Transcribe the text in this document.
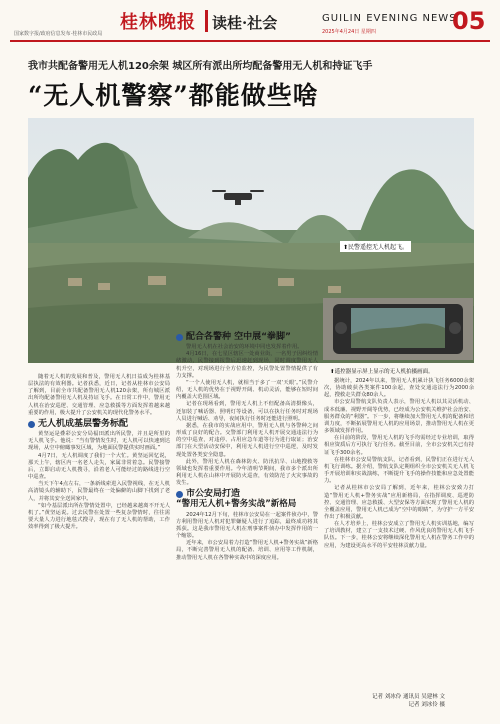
国家数字报/政府信息发布·桂林市民政局
桂林晚报 读桂·社会	GUILIN EVENING NEWS
2025年4月24日 星期四	05
我市共配备警用无人机120余架 城区所有派出所均配备警用无人机和持证飞手
“无人机警察”都能做些啥
⬆民警遥控无人机起飞。
⬆遥控器显示屏上显示的无人机拍摄画面。

随着无人机的发展和普及，警用无人机日益成为桂林基层执法的有效利器。记者获悉，近日，记者从桂林市公安局了解到，目前全市共配备警用无人机120余架，所有城区派出所均配备警用无人机及持证飞手。在日常工作中，警用无人机在治安巡逻、交通管理、应急救援等方面发挥着越来越重要的作用，极大提升了公安机关的现代化警务水平。

无人机成基层警务标配

黄坚运是叠彩公安分局福田派出所民警，并且是所里的无人机飞手。他说：“当有警情发生时，无人机可以快速到达现场，从空中俯瞰事发区域，为地面民警提供实时画面。”

4月7日，无人机调度了我们一个大忙。黄坚运回忆说，那天上午，辖区内一名老人走失，家属非常着急。民警接警后，立即启动无人机搜寻，沿着老人可能经过的路线进行空中巡查。

当天下午4点左右，一条新线索进入民警视线，在无人机高清镜头的辅助下，民警最终在一处偏僻的山脚下找到了老人，并将其安全送回家中。

“如今基层派出所在警情处置中，已经越来越离不开无人机了。”黄坚运说。过去民警在处置一些复杂警情时，往往需要大量人力进行地毯式搜寻，现在有了无人机的帮助，工作效率得到了极大提升。

配合各警种 空中展“拳脚”

警用无人机在社会治安的环境中同也发挥着作用。

4月16日，在七星区辖区一处商业街，一名男子因纠纷情绪激动，民警接到报警后迅速赶到现场，同时调度警用无人机升空，对现场进行全方位监控，为民警处置警情提供了有力支撑。

“一个人使用无人机，就相当于多了一双‘天眼’。”民警介绍，无人机的优势在于视野开阔、机动灵活，能够在短时间内覆盖大范围区域。

记者在现场看到，警用无人机上不但配备高清摄像头，还加装了喊话器、照明灯等设备，可以在执行任务时对现场人员进行喊话、劝导，夜间执行任务时还能进行照明。

据悉，在我市的实战应用中，警用无人机与各警种之间形成了良好的配合。交警部门利用无人机开展交通违法行为的空中巡查，对违停、占用应急车道等行为进行取证；治安部门在大型活动安保中，利用无人机进行空中巡逻，及时发现处置各类安全隐患。

此外，警用无人机在森林防火、防汛抗旱、山地搜救等领域也发挥着重要作用。今年清明节期间，我市多个派出所利用无人机在山林中开展防火巡查，有效防范了火灾事故的发生。

市公安局打造
“警用无人机+警务实战”新格局

2024年12月下旬，桂林市公安局在一起案件侦办中，警方利用警用无人机对犯罪嫌疑人进行了追踪，最终成功将其抓获。这是我市警用无人机在刑事案件侦办中发挥作用的一个缩影。

近年来，市公安局着力打造“警用无人机+警务实战”新格局，不断完善警用无人机的配备、培训、应用等工作机制，推动警用无人机在各警种实战中的深度应用。

据统计，2024年以来，警用无人机累计执飞任务6000余架次，协助破获各类案件100余起，查处交通违法行为2000余起，搜救走失群众80余人。

市公安局警航支队负责人表示，警用无人机以其灵活机动、成本低廉、视野开阔等优势，已经成为公安机关维护社会治安、服务群众的“利器”。下一步，将继续加大警用无人机的配备和培训力度，不断拓展警用无人机的应用场景，推动警用无人机在更多领域发挥作用。

在目前的阶段，警用无人机的飞手均需经过专业培训，取得相应资质后方可执行飞行任务。截至目前，全市公安机关已有持证飞手300余名。

在桂林市公安局警航支队，记者看到，民警们正在进行无人机飞行训练。据介绍，警航支队定期组织全市公安机关无人机飞手开展培训和实战演练，不断提升飞手的操作技能和应急处置能力。

记者从桂林市公安局了解到，近年来，桂林公安致力打造“警用无人机+警务实战”应用新格局，在指挥调度、巡逻防控、交通管理、应急救援、大型安保等方面实现了警用无人机的全覆盖应用，警用无人机已成为“空中的眼睛”，为守护一方平安作出了积极贡献。

在人才培养上，桂林公安成立了警用无人机实训基地，编写了培训教材，建立了一支技术过硬、作风优良的警用无人机飞手队伍。下一步，桂林公安将继续深化警用无人机在警务工作中的应用，为建设更高水平的平安桂林贡献力量。

记者 刘冰伶 通讯员 吴建林 文
记者 刘冰伶 摄
